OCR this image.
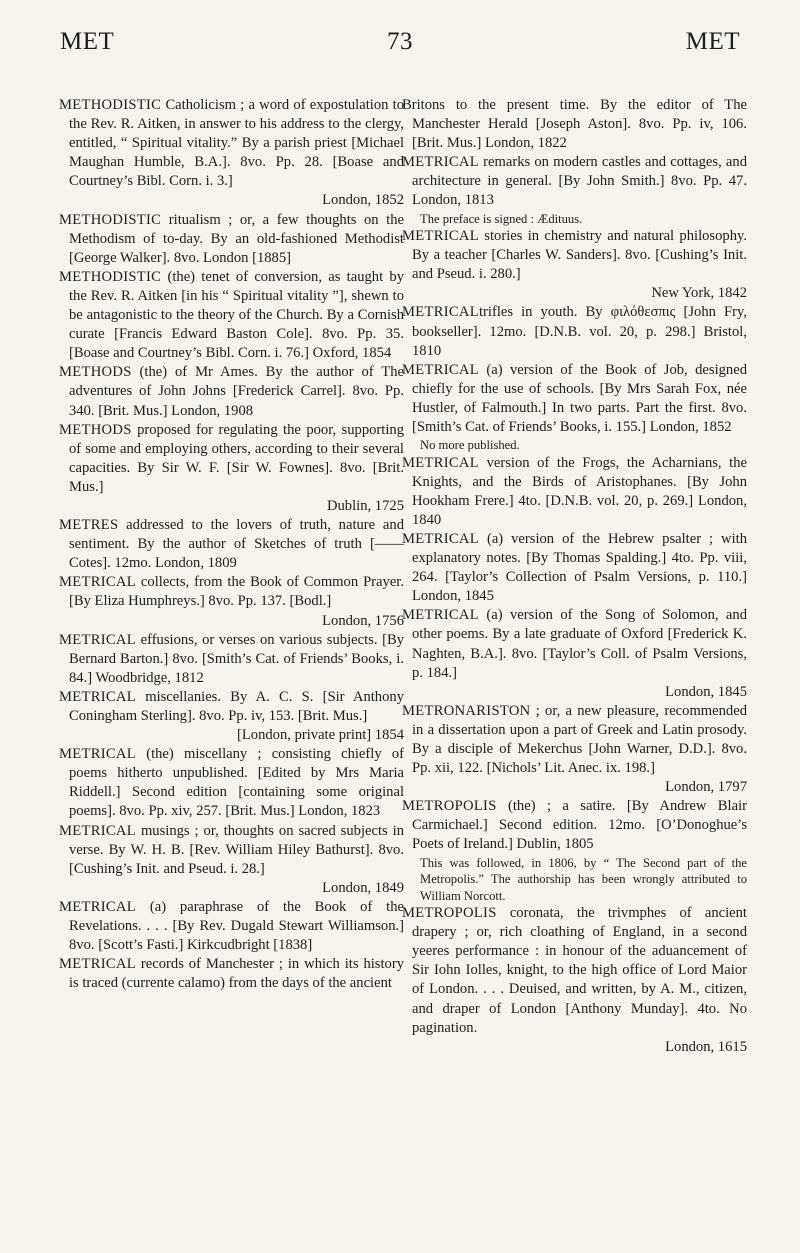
MET	73	MET

METHODISTIC Catholicism ; a word of expostulation to the Rev. R. Aitken, in answer to his address to the clergy, entitled, “ Spiritual vitality.” By a parish priest [Michael Maughan Humble, B.A.]. 8vo. Pp. 28. [Boase and Courtney’s Bibl. Corn. i. 3.]
London, 1852

METHODISTIC ritualism ; or, a few thoughts on the Methodism of to-day. By an old-fashioned Methodist [George Walker]. 8vo. London [1885]

METHODISTIC (the) tenet of conversion, as taught by the Rev. R. Aitken [in his “ Spiritual vitality ”], shewn to be antagonistic to the theory of the Church. By a Cornish curate [Francis Edward Baston Cole]. 8vo. Pp. 35. [Boase and Courtney’s Bibl. Corn. i. 76.] Oxford, 1854

METHODS (the) of Mr Ames. By the author of The adventures of John Johns [Frederick Carrel]. 8vo. Pp. 340. [Brit. Mus.] London, 1908

METHODS proposed for regulating the poor, supporting of some and employing others, according to their several capacities. By Sir W. F. [Sir W. Fownes]. 8vo. [Brit. Mus.]
Dublin, 1725

METRES addressed to the lovers of truth, nature and sentiment. By the author of Sketches of truth [—— Cotes]. 12mo. London, 1809

METRICAL collects, from the Book of Common Prayer. [By Eliza Humphreys.] 8vo. Pp. 137. [Bodl.]
London, 1756

METRICAL effusions, or verses on various subjects. [By Bernard Barton.] 8vo. [Smith’s Cat. of Friends’ Books, i. 84.] Woodbridge, 1812

METRICAL miscellanies. By A. C. S. [Sir Anthony Coningham Sterling]. 8vo. Pp. iv, 153. [Brit. Mus.]
[London, private print] 1854

METRICAL (the) miscellany ; consisting chiefly of poems hitherto unpublished. [Edited by Mrs Maria Riddell.] Second edition [containing some original poems]. 8vo. Pp. xiv, 257. [Brit. Mus.] London, 1823

METRICAL musings ; or, thoughts on sacred subjects in verse. By W. H. B. [Rev. William Hiley Bathurst]. 8vo. [Cushing’s Init. and Pseud. i. 28.]
London, 1849

METRICAL (a) paraphrase of the Book of the Revelations. . . . [By Rev. Dugald Stewart Williamson.] 8vo. [Scott’s Fasti.] Kirkcudbright [1838]

METRICAL records of Manchester ; in which its history is traced (currente calamo) from the days of the ancient

Britons to the present time. By the editor of The Manchester Herald [Joseph Aston]. 8vo. Pp. iv, 106. [Brit. Mus.] London, 1822

METRICAL remarks on modern castles and cottages, and architecture in general. [By John Smith.] 8vo. Pp. 47. London, 1813
The preface is signed : Ædituus.

METRICAL stories in chemistry and natural philosophy. By a teacher [Charles W. Sanders]. 8vo. [Cushing’s Init. and Pseud. i. 280.]
New York, 1842

METRICALtrifles in youth. By φιλόθεσπις [John Fry, bookseller]. 12mo. [D.N.B. vol. 20, p. 298.] Bristol, 1810

METRICAL (a) version of the Book of Job, designed chiefly for the use of schools. [By Mrs Sarah Fox, née Hustler, of Falmouth.] In two parts. Part the first. 8vo. [Smith’s Cat. of Friends’ Books, i. 155.] London, 1852
No more published.

METRICAL version of the Frogs, the Acharnians, the Knights, and the Birds of Aristophanes. [By John Hookham Frere.] 4to. [D.N.B. vol. 20, p. 269.] London, 1840

METRICAL (a) version of the Hebrew psalter ; with explanatory notes. [By Thomas Spalding.] 4to. Pp. viii, 264. [Taylor’s Collection of Psalm Versions, p. 110.] London, 1845

METRICAL (a) version of the Song of Solomon, and other poems. By a late graduate of Oxford [Frederick K. Naghten, B.A.]. 8vo. [Taylor’s Coll. of Psalm Versions, p. 184.]
London, 1845

METRONARISTON ; or, a new pleasure, recommended in a dissertation upon a part of Greek and Latin prosody. By a disciple of Mekerchus [John Warner, D.D.]. 8vo. Pp. xii, 122. [Nichols’ Lit. Anec. ix. 198.]
London, 1797

METROPOLIS (the) ; a satire. [By Andrew Blair Carmichael.] Second edition. 12mo. [O’Donoghue’s Poets of Ireland.] Dublin, 1805
This was followed, in 1806, by “ The Second part of the Metropolis.” The authorship has been wrongly attributed to William Norcott.

METROPOLIS coronata, the trivmphes of ancient drapery ; or, rich cloathing of England, in a second yeeres performance : in honour of the aduancement of Sir Iohn Iolles, knight, to the high office of Lord Maior of London. . . . Deuised, and written, by A. M., citizen, and draper of London [Anthony Munday]. 4to. No pagination.
London, 1615
